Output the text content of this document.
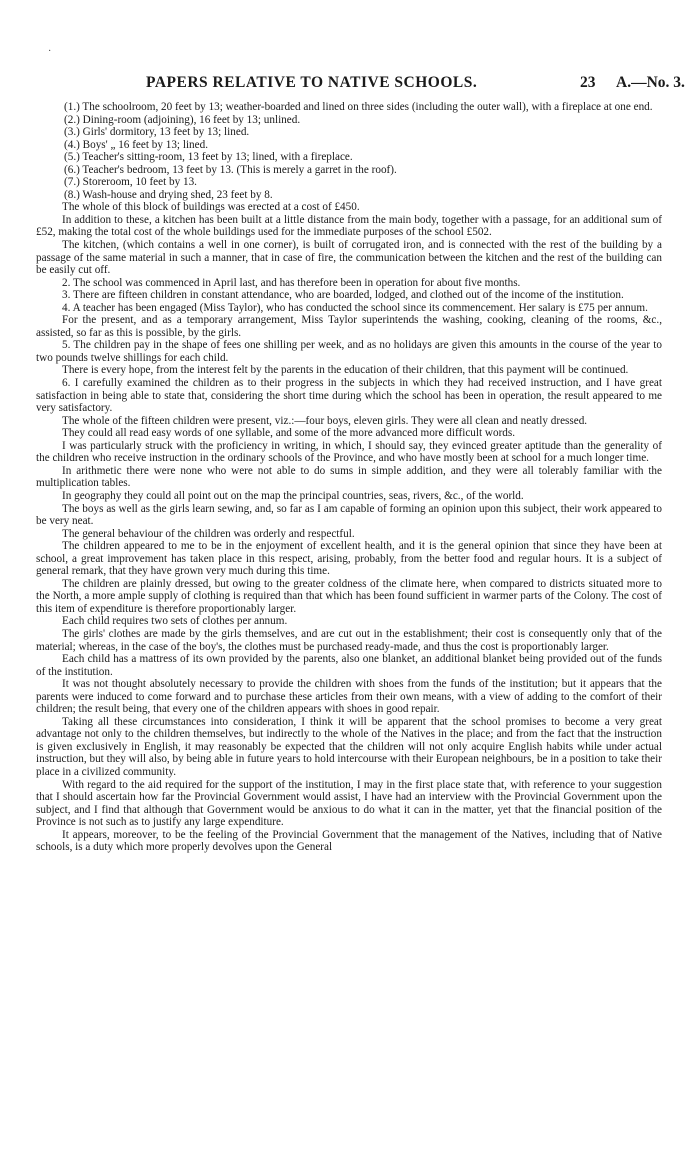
·
PAPERS RELATIVE TO NATIVE SCHOOLS.	23 A.—No. 3.

(1.) The schoolroom, 20 feet by 13; weather-boarded and lined on three sides (including the outer wall), with a fireplace at one end.

(2.) Dining-room (adjoining), 16 feet by 13; unlined.

(3.) Girls' dormitory, 13 feet by 13; lined.

(4.) Boys' „ 16 feet by 13; lined.

(5.) Teacher's sitting-room, 13 feet by 13; lined, with a fireplace.

(6.) Teacher's bedroom, 13 feet by 13. (This is merely a garret in the roof).

(7.) Storeroom, 10 feet by 13.

(8.) Wash-house and drying shed, 23 feet by 8.

The whole of this block of buildings was erected at a cost of £450.

In addition to these, a kitchen has been built at a little distance from the main body, together with a passage, for an additional sum of £52, making the total cost of the whole buildings used for the immediate purposes of the school £502.

The kitchen, (which contains a well in one corner), is built of corrugated iron, and is connected with the rest of the building by a passage of the same material in such a manner, that in case of fire, the communication between the kitchen and the rest of the building can be easily cut off.

2. The school was commenced in April last, and has therefore been in operation for about five months.

3. There are fifteen children in constant attendance, who are boarded, lodged, and clothed out of the income of the institution.

4. A teacher has been engaged (Miss Taylor), who has conducted the school since its commencement. Her salary is £75 per annum.

For the present, and as a temporary arrangement, Miss Taylor superintends the washing, cooking, cleaning of the rooms, &c., assisted, so far as this is possible, by the girls.

5. The children pay in the shape of fees one shilling per week, and as no holidays are given this amounts in the course of the year to two pounds twelve shillings for each child.

There is every hope, from the interest felt by the parents in the education of their children, that this payment will be continued.

6. I carefully examined the children as to their progress in the subjects in which they had received instruction, and I have great satisfaction in being able to state that, considering the short time during which the school has been in operation, the result appeared to me very satisfactory.

The whole of the fifteen children were present, viz.:—four boys, eleven girls. They were all clean and neatly dressed.

They could all read easy words of one syllable, and some of the more advanced more difficult words.

I was particularly struck with the proficiency in writing, in which, I should say, they evinced greater aptitude than the generality of the children who receive instruction in the ordinary schools of the Province, and who have mostly been at school for a much longer time.

In arithmetic there were none who were not able to do sums in simple addition, and they were all tolerably familiar with the multiplication tables.

In geography they could all point out on the map the principal countries, seas, rivers, &c., of the world.

The boys as well as the girls learn sewing, and, so far as I am capable of forming an opinion upon this subject, their work appeared to be very neat.

The general behaviour of the children was orderly and respectful.

The children appeared to me to be in the enjoyment of excellent health, and it is the general opinion that since they have been at school, a great improvement has taken place in this respect, arising, probably, from the better food and regular hours. It is a subject of general remark, that they have grown very much during this time.

The children are plainly dressed, but owing to the greater coldness of the climate here, when compared to districts situated more to the North, a more ample supply of clothing is required than that which has been found sufficient in warmer parts of the Colony. The cost of this item of expenditure is therefore proportionably larger.

Each child requires two sets of clothes per annum.

The girls' clothes are made by the girls themselves, and are cut out in the establishment; their cost is consequently only that of the material; whereas, in the case of the boy's, the clothes must be purchased ready-made, and thus the cost is proportionably larger.

Each child has a mattress of its own provided by the parents, also one blanket, an additional blanket being provided out of the funds of the institution.

It was not thought absolutely necessary to provide the children with shoes from the funds of the institution; but it appears that the parents were induced to come forward and to purchase these articles from their own means, with a view of adding to the comfort of their children; the result being, that every one of the children appears with shoes in good repair.

Taking all these circumstances into consideration, I think it will be apparent that the school promises to become a very great advantage not only to the children themselves, but indirectly to the whole of the Natives in the place; and from the fact that the instruction is given exclusively in English, it may reasonably be expected that the children will not only acquire English habits while under actual instruction, but they will also, by being able in future years to hold intercourse with their European neighbours, be in a position to take their place in a civilized community.

With regard to the aid required for the support of the institution, I may in the first place state that, with reference to your suggestion that I should ascertain how far the Provincial Government would assist, I have had an interview with the Provincial Government upon the subject, and I find that although that Government would be anxious to do what it can in the matter, yet that the financial position of the Province is not such as to justify any large expenditure.

It appears, moreover, to be the feeling of the Provincial Government that the management of the Natives, including that of Native schools, is a duty which more properly devolves upon the General
